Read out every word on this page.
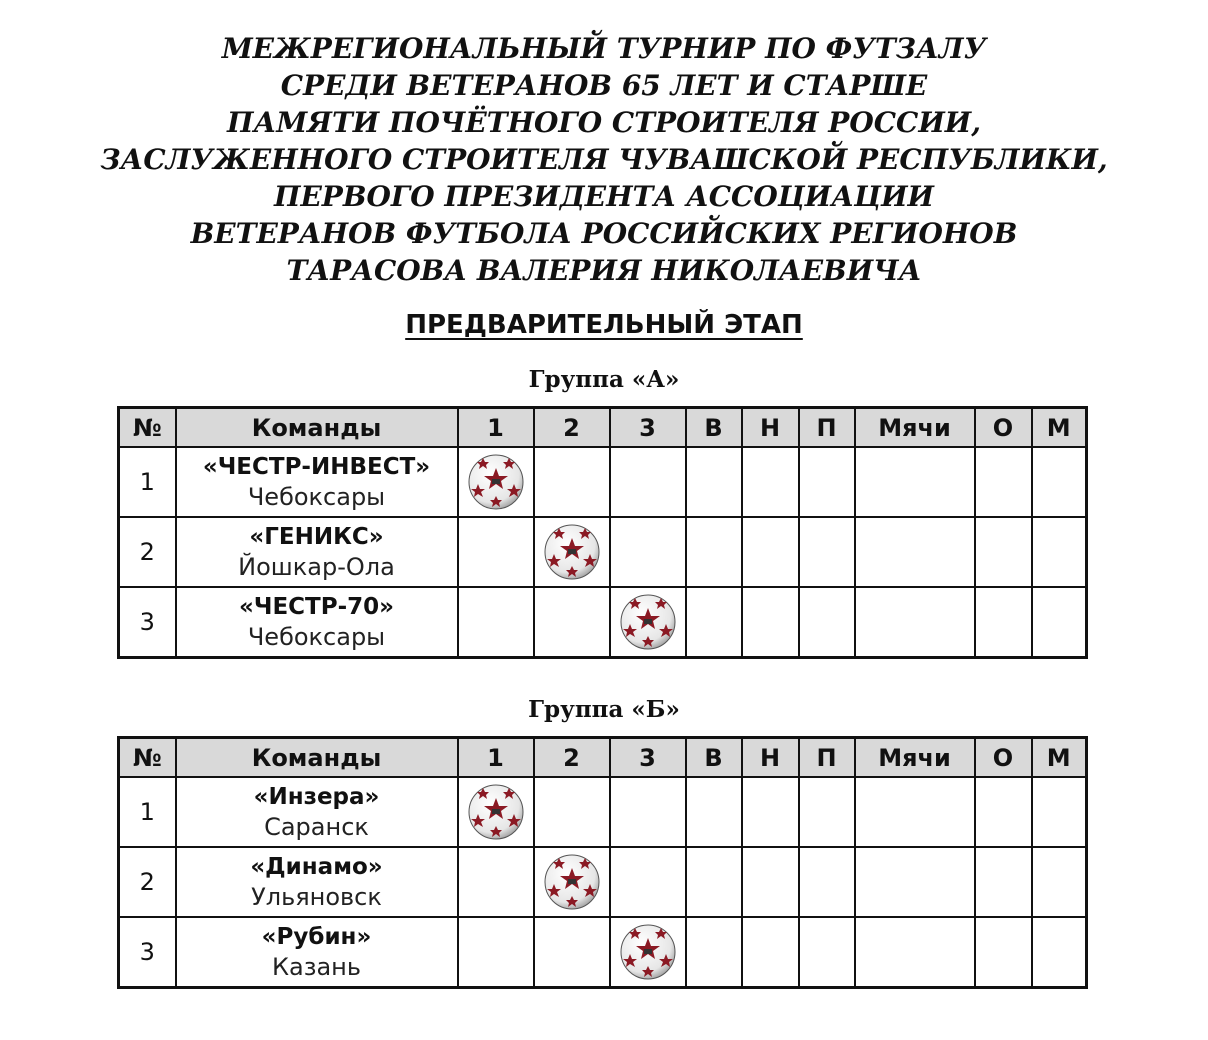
МЕЖРЕГИОНАЛЬНЫЙ ТУРНИР ПО ФУТЗАЛУ
СРЕДИ ВЕТЕРАНОВ 65 ЛЕТ И СТАРШЕ
ПАМЯТИ ПОЧЁТНОГО СТРОИТЕЛЯ РОССИИ,
ЗАСЛУЖЕННОГО СТРОИТЕЛЯ ЧУВАШСКОЙ РЕСПУБЛИКИ,
ПЕРВОГО ПРЕЗИДЕНТА АССОЦИАЦИИ
ВЕТЕРАНОВ ФУТБОЛА РОССИЙСКИХ РЕГИОНОВ
ТАРАСОВА ВАЛЕРИЯ НИКОЛАЕВИЧА
ПРЕДВАРИТЕЛЬНЫЙ ЭТАП
Группа «А»
№	Команды	1	2	3	В	Н	П	Мячи	О	М
1	«ЧЕСТР-ИНВЕСТ»
Чебоксары

2	«ГЕНИКС»
Йошкар-Ола

3	«ЧЕСТР-70»
Чебоксары

Группа «Б»
№	Команды	1	2	3	В	Н	П	Мячи	О	М
1	«Инзера»
Саранск

2	«Динамо»
Ульяновск

3	«Рубин»
Казань
